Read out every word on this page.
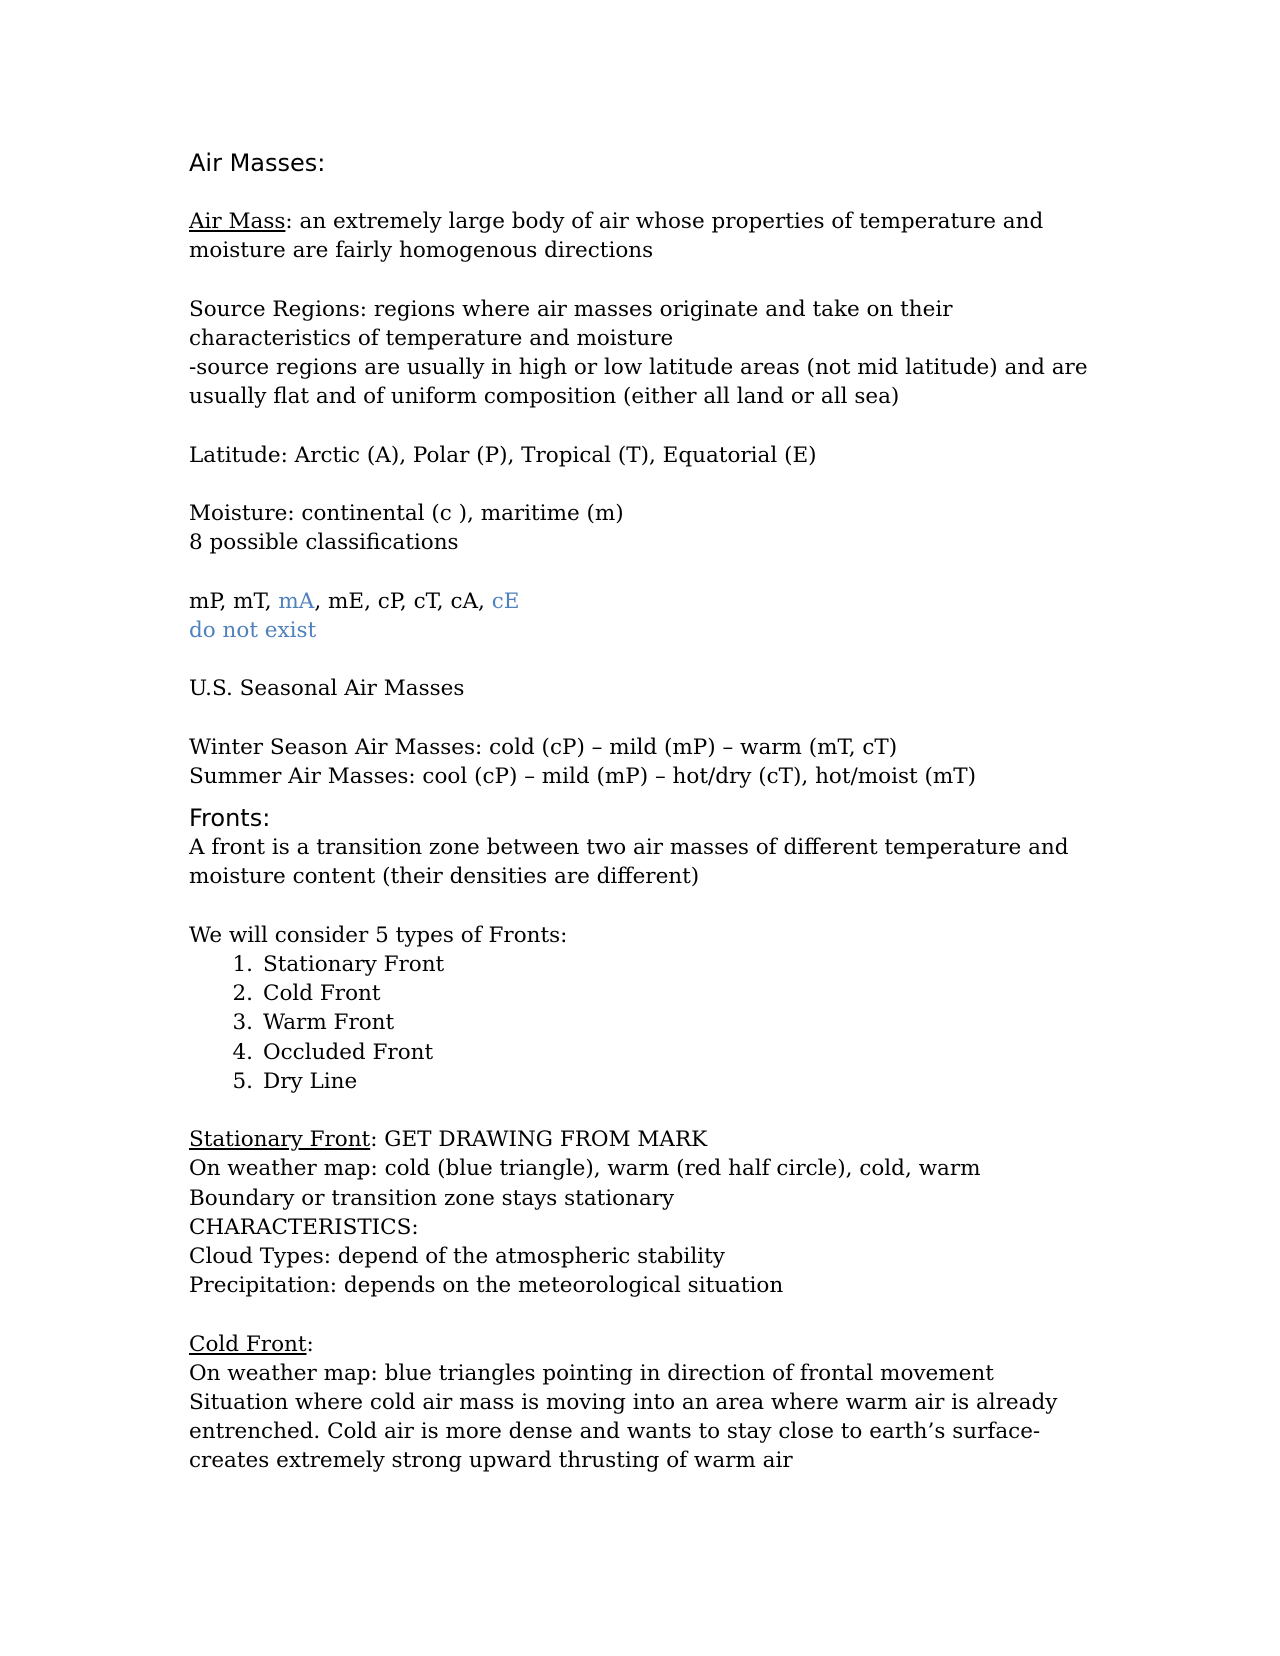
Air Masses:

Air Mass: an extremely large body of air whose properties of temperature and moisture are fairly homogenous directions

Source Regions: regions where air masses originate and take on their characteristics of temperature and moisture

-source regions are usually in high or low latitude areas (not mid latitude) and are usually flat and of uniform composition (either all land or all sea)

Latitude: Arctic (A), Polar (P), Tropical (T), Equatorial (E)

Moisture: continental (c ), maritime (m)

8 possible classifications

mP, mT, mA, mE, cP, cT, cA, cE

do not exist

U.S. Seasonal Air Masses

Winter Season Air Masses: cold (cP) – mild (mP) – warm (mT, cT)

Summer Air Masses: cool (cP) – mild (mP) – hot/dry (cT), hot/moist (mT)

Fronts:

A front is a transition zone between two air masses of different temperature and moisture content (their densities are different)

We will consider 5 types of Fronts:

1. Stationary Front
2. Cold Front
3. Warm Front
4. Occluded Front
5. Dry Line

Stationary Front: GET DRAWING FROM MARK

On weather map: cold (blue triangle), warm (red half circle), cold, warm

Boundary or transition zone stays stationary

CHARACTERISTICS:

Cloud Types: depend of the atmospheric stability

Precipitation: depends on the meteorological situation

Cold Front:

On weather map: blue triangles pointing in direction of frontal movement

Situation where cold air mass is moving into an area where warm air is already entrenched. Cold air is more dense and wants to stay close to earth’s surface- creates extremely strong upward thrusting of warm air
